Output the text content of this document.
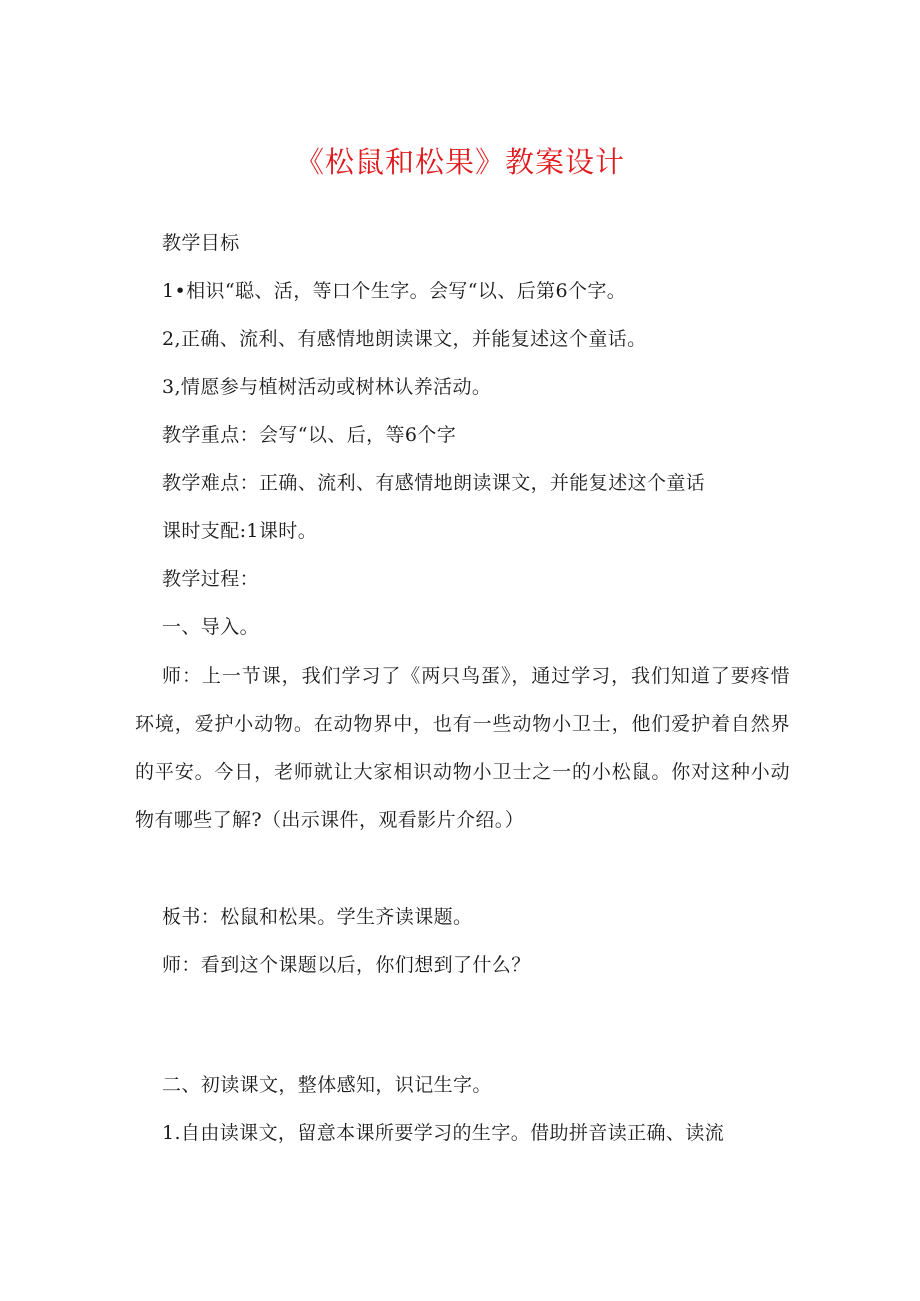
《松鼠和松果》教案设计
教学目标
1•相识“聪、活，等口个生字。会写“以、后第6个字。
2,正确、流利、有感情地朗读课文，并能复述这个童话。
3,情愿参与植树活动或树林认养活动。
教学重点：会写“以、后，等6个字
教学难点：正确、流利、有感情地朗读课文，并能复述这个童话
课时支配:1课时。
教学过程：
一、导入。
师：上一节课，我们学习了《两只鸟蛋》，通过学习，我们知道了要疼惜环境，爱护小动物。在动物界中，也有一些动物小卫士，他们爱护着自然界的平安。今日，老师就让大家相识动物小卫士之一的小松鼠。你对这种小动物有哪些了解?（出示课件，观看影片介绍。）
板书：松鼠和松果。学生齐读课题。
师：看到这个课题以后，你们想到了什么？
二、初读课文，整体感知，识记生字。
1.自由读课文，留意本课所要学习的生字。借助拼音读正确、读流
